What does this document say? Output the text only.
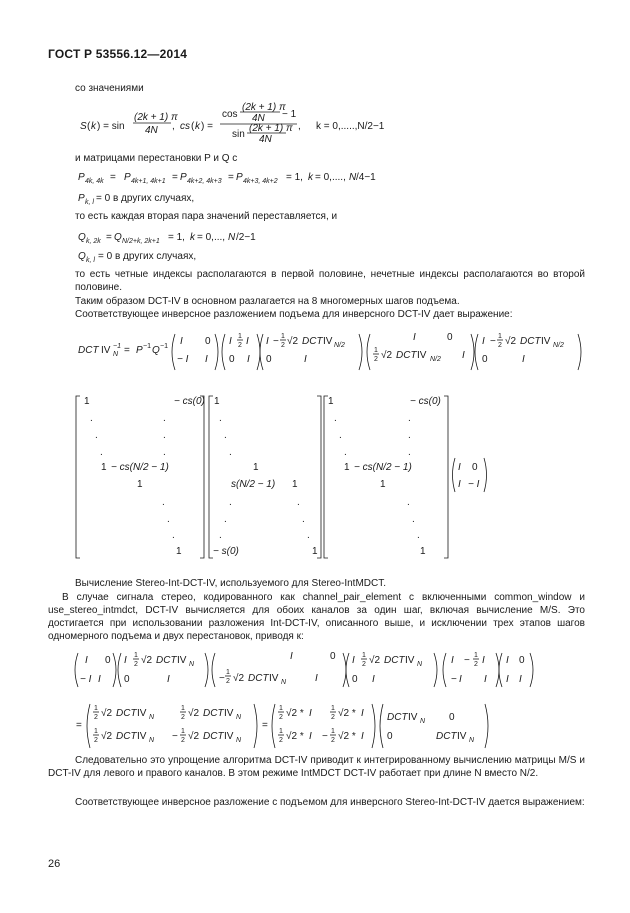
ГОСТ Р 53556.12—2014
со значениями
S ( k ) = sin
(2k + 1) π
4N , cs ( k ) =
cos
(2k + 1) π
4N − 1
sin
(2k + 1) π
4N
, k = 0,.....,N/2−1
и матрицами перестановки P и Q с
P 4k, 4k = P 4k+1, 4k+1 = P 4k+2, 4k+3 = P 4k+3, 4k+2 = 1, k = 0,...., N /4−1
P k, l = 0 в других случаях,
то есть каждая вторая пара значений переставляется, и
Q k, 2k = Q N/2+k, 2k+1 = 1, k = 0,..., N /2−1
Q k, l = 0 в других случаях,
то есть четные индексы располагаются в первой половине, нечетные индексы располагаются во второй половине.
Таким образом DCT-IV в основном разлагается на 8 многомерных шагов подъема.
Соответствующее инверсное разложением подъема для инверсного DCT-IV дает выражение:
DCT IV −1
N = P −1 Q −1 I 0
− I I
I 1
2 I
0 I
I − 1
2 √2 DCT IV N/2
0	I
I	0
1
2 √2 DCT IV N/2 I
I − 1
2 √2 DCT IV N/2
0	I
1	− cs(0)
.	.
.	.
.	.
1 − cs(N/2 − 1)
1
.
.
.
1
1
.
.
.
1
s(N/2 − 1) 1
.	.
.	.
.	.
− s(0)	1
1	− cs(0)
.	.
.	.
.	.
1 − cs(N/2 − 1)
1
.
.
.
1
I 0
I − I
Вычисление Stereo-Int-DCT-IV, используемого для Stereo-IntMDCT.
В случае сигнала стерео, кодированного как channel_pair_element с включенными common_window и use_stereo_intmdct, DCT-IV вычисляется для обоих каналов за один шаг, включая вычисление M/S. Это достигается при использовании разложения Int-DCT-IV, описанного выше, и исключении трех этапов шагов одномерного подъема и двух перестановок, приводя к:
I 0
− I I
I 1
2 √2 DCT IV N
0	I
I	0
−
1
2 √2 DCT IV N	I
I 1
2 √2 DCT IV N
0 I
I − 1
2 I
− I I
I 0
I I
=
1
2 √2 DCT IV N
1
2 √2 DCT IV N
1
2 √2 DCT IV N − 1
2 √2 DCT IV N
=
1
2 √2 * I	1
2 √2 * I
1
2 √2 * I − 1
2 √2 * I
DCT IV N 0
0	DCT IV N
Следовательно это упрощение алгоритма DCT-IV приводит к интегрированному вычислению матрицы M/S и DCT-IV для левого и правого каналов. В этом режиме IntMDCT DCT-IV работает при длине N вместо N/2.
Соответствующее инверсное разложение с подъемом для инверсного Stereo-Int-DCT-IV дается выражением:
26
